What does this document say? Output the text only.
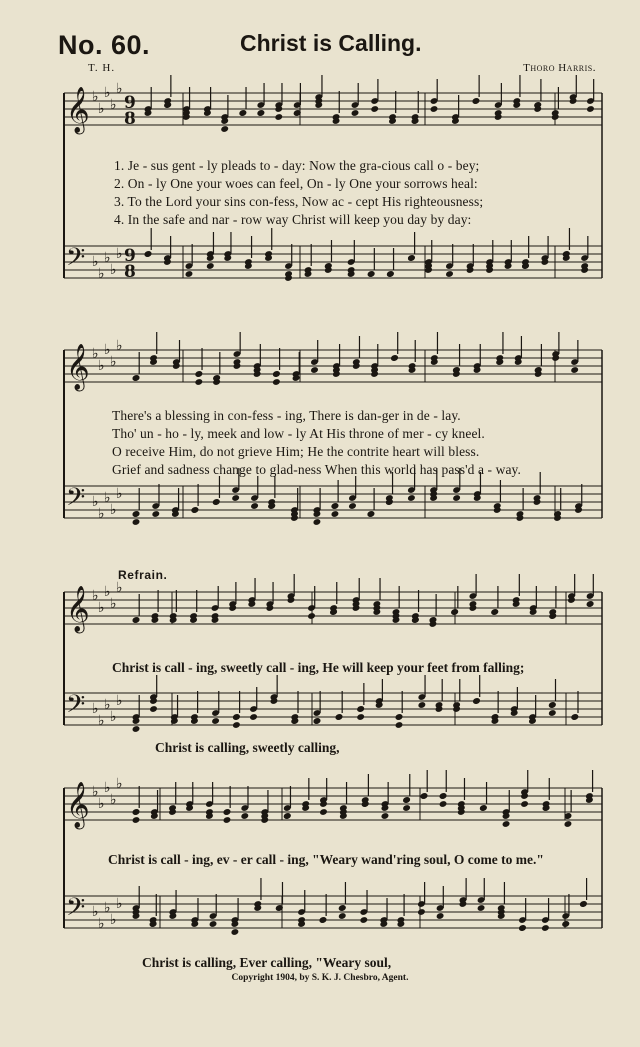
No. 60.	Christ is Calling.
T. H.	Thoro Harris.
𝄞 ♭
♭
♭
♭
♭
9
8
𝄢 ♭
♭
♭
♭
♭ 9
8
𝄞 ♭
♭
♭
♭
♭
𝄢 ♭
♭
♭
♭
♭
𝄞 ♭
♭
♭
♭
♭
𝄢 ♭
♭
♭
♭
♭
𝄞 ♭
♭
♭
♭
♭
𝄢 ♭
♭
♭
♭
♭
1. Je - sus gent - ly pleads to - day: Now the gra-cious call o - bey;
2. On - ly One your woes can feel, On - ly One your sorrows heal:
3. To the Lord your sins con-fess, Now ac - cept His righteousness;
4. In the safe and nar - row way Christ will keep you day by day:
There's a blessing in con-fess - ing, There is dan-ger in de - lay.
Tho' un - ho - ly, meek and low - ly At His throne of mer - cy kneel.
O receive Him, do not grieve Him; He the contrite heart will bless.
Grief and sadness change to glad-ness When this world has pass'd a - way.
Refrain.
Christ is call - ing, sweetly call - ing, He will keep your feet from falling;
Christ is calling, sweetly calling,
Christ is call - ing, ev - er call - ing, "Weary wand'ring soul, O come to me."
Christ is calling, Ever calling, "Weary soul,
Copyright 1904, by S. K. J. Chesbro, Agent.
